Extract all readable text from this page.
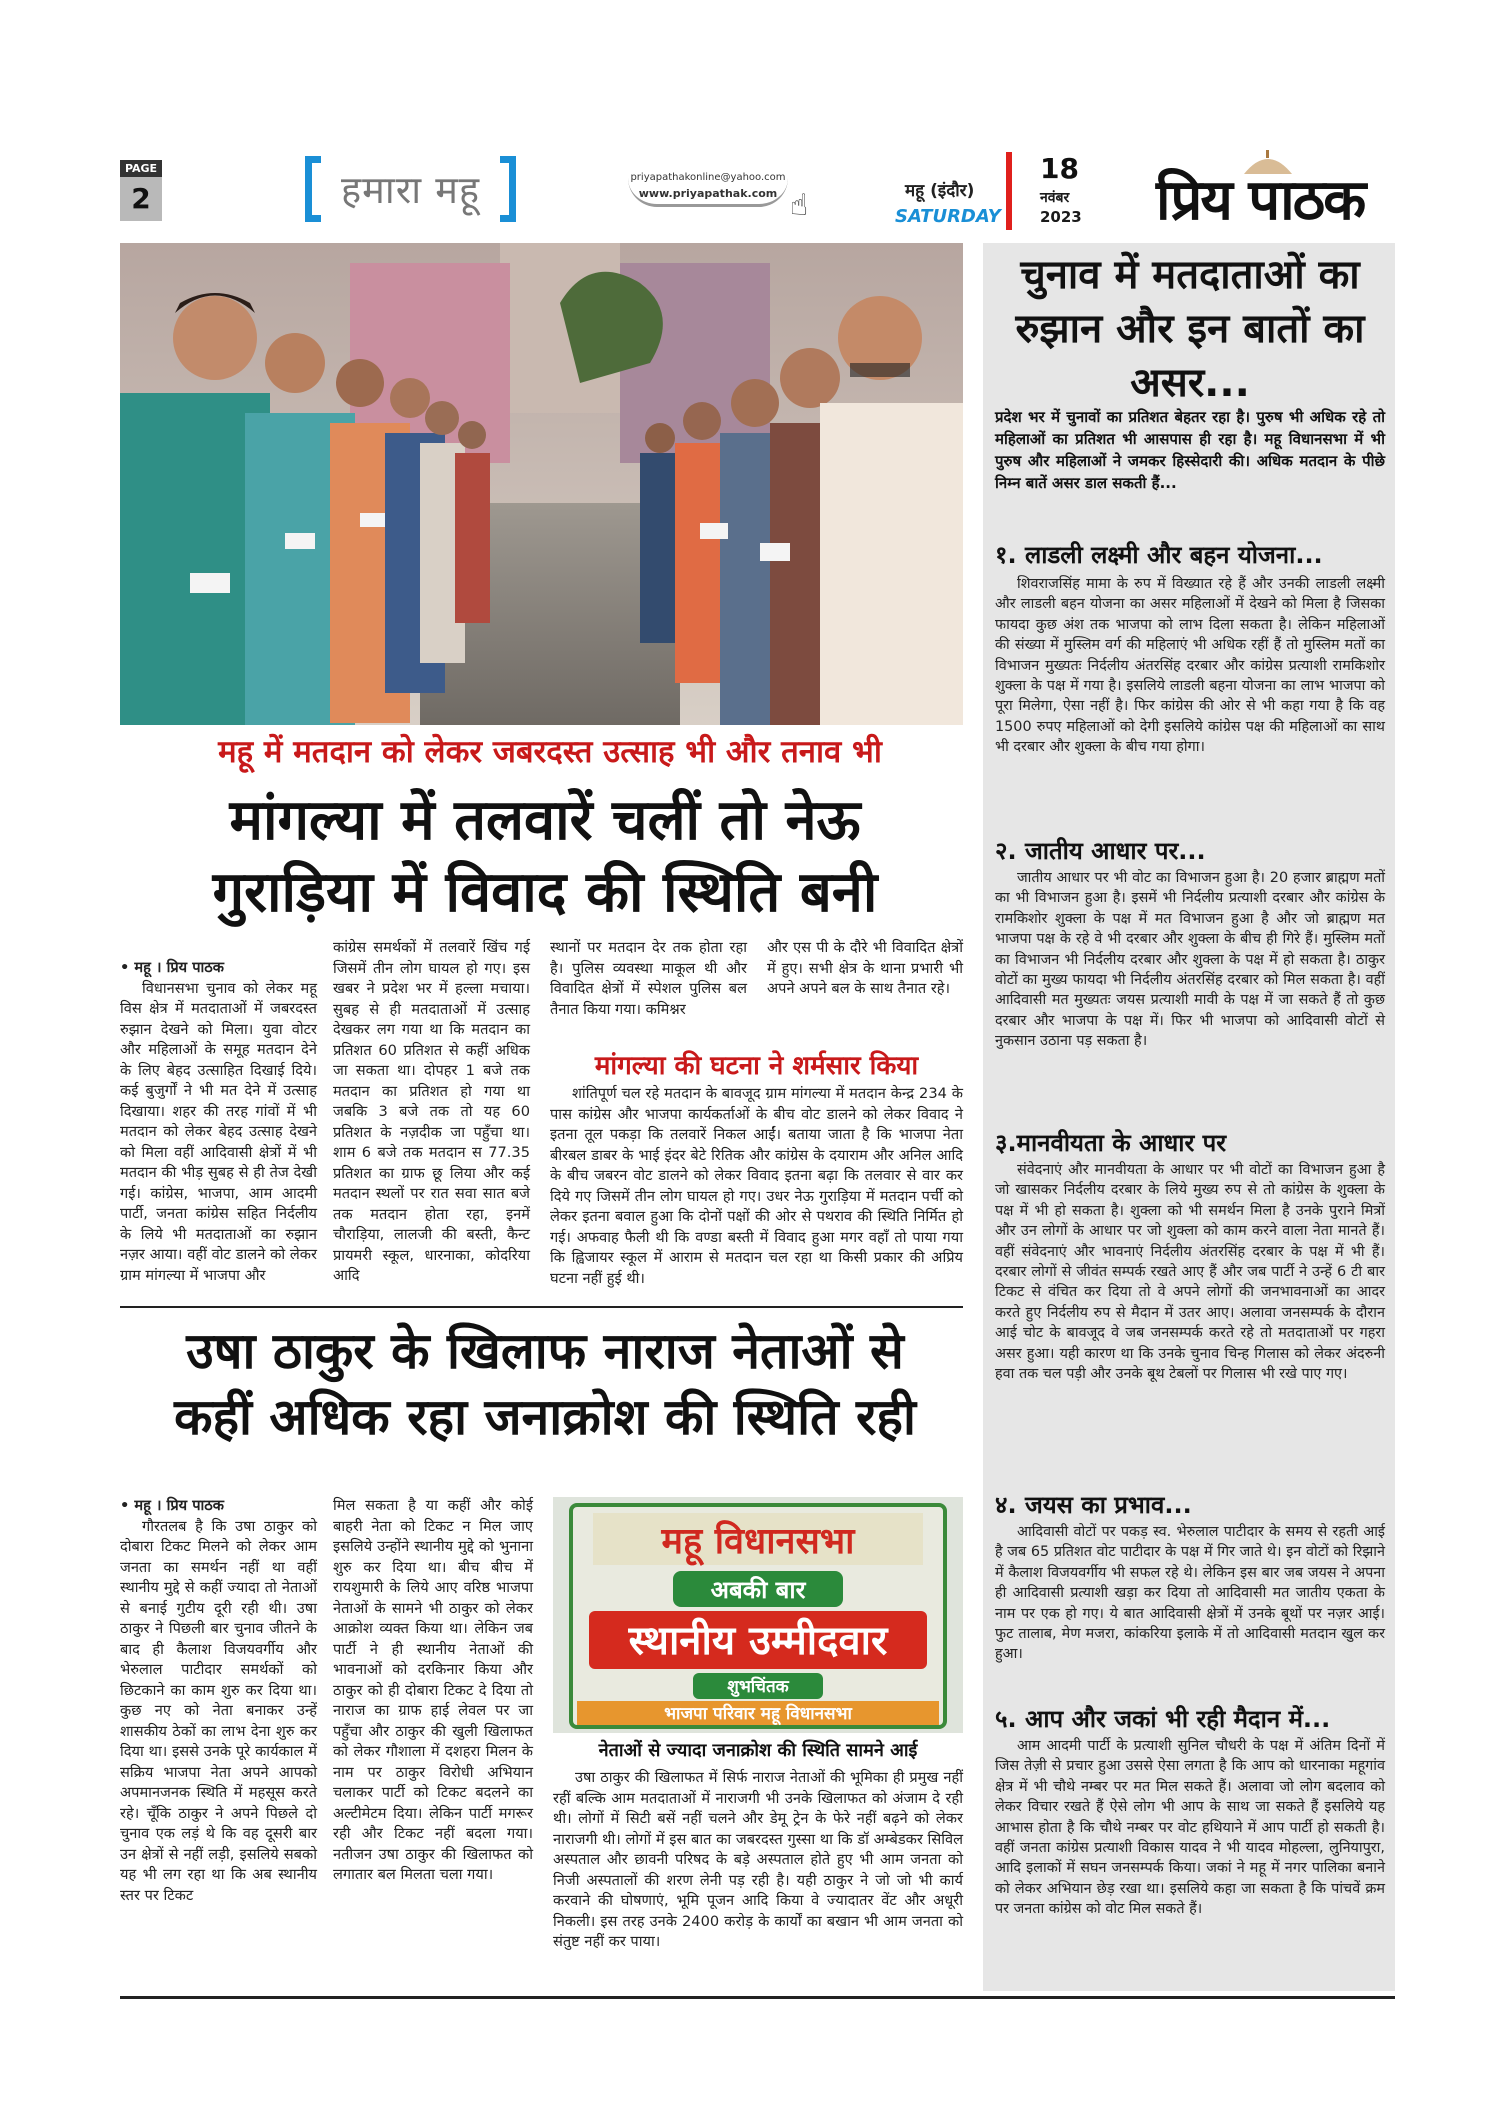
PAGE
2	हमारा महू	priyapathakonline@yahoo.com
www.priyapathak.com ☝	महू (इंदौर)
SATURDAY
18
नवंबर
2023 प्रिय पाठक
महू में मतदान को लेकर जबरदस्त उत्साह भी और तनाव भी
मांगल्या में तलवारें चलीं तो नेऊ
गुराड़िया में विवाद की स्थिति बनी

• महू । प्रिय पाठक

विधानसभा चुनाव को लेकर महू विस क्षेत्र में मतदाताओं में जबरदस्त रुझान देखने को मिला। युवा वोटर और महिलाओं के समूह मतदान देने के लिए बेहद उत्साहित दिखाई दिये। कई बुजुर्गों ने भी मत देने में उत्साह दिखाया। शहर की तरह गांवों में भी मतदान को लेकर बेहद उत्साह देखने को मिला वहीं आदिवासी क्षेत्रों में भी मतदान की भीड़ सुबह से ही तेज देखी गई। कांग्रेस, भाजपा, आम आदमी पार्टी, जनता कांग्रेस सहित निर्दलीय के लिये भी मतदाताओं का रुझान नज़र आया। वहीं वोट डालने को लेकर ग्राम मांगल्या में भाजपा और

कांग्रेस समर्थकों में तलवारें खिंच गई जिसमें तीन लोग घायल हो गए। इस खबर ने प्रदेश भर में हल्ला मचाया। सुबह से ही मतदाताओं में उत्साह देखकर लग गया था कि मतदान का प्रतिशत 60 प्रतिशत से कहीं अधिक जा सकता था। दोपहर 1 बजे तक मतदान का प्रतिशत हो गया था जबकि 3 बजे तक तो यह 60 प्रतिशत के नज़दीक जा पहुँचा था। शाम 6 बजे तक मतदान स 77.35 प्रतिशत का ग्राफ छू लिया और कई मतदान स्थलों पर रात सवा सात बजे तक मतदान होता रहा, इनमें चौराड़िया, लालजी की बस्ती, कैन्ट प्रायमरी स्कूल, धारनाका, कोदरिया आदि

स्थानों पर मतदान देर तक होता रहा है। पुलिस व्यवस्था माकूल थी और विवादित क्षेत्रों में स्पेशल पुलिस बल तैनात किया गया। कमिश्नर

और एस पी के दौरे भी विवादित क्षेत्रों में हुए। सभी क्षेत्र के थाना प्रभारी भी अपने अपने बल के साथ तैनात रहे।

मांगल्या की घटना ने शर्मसार किया

शांतिपूर्ण चल रहे मतदान के बावजूद ग्राम मांगल्या में मतदान केन्द्र 234 के पास कांग्रेस और भाजपा कार्यकर्ताओं के बीच वोट डालने को लेकर विवाद ने इतना तूल पकड़ा कि तलवारें निकल आईं। बताया जाता है कि भाजपा नेता बीरबल डाबर के भाई इंदर बेटे रितिक और कांग्रेस के दयाराम और अनिल आदि के बीच जबरन वोट डालने को लेकर विवाद इतना बढ़ा कि तलवार से वार कर दिये गए जिसमें तीन लोग घायल हो गए। उधर नेऊ गुराड़िया में मतदान पर्ची को लेकर इतना बवाल हुआ कि दोनों पक्षों की ओर से पथराव की स्थिति निर्मित हो गई। अफवाह फैली थी कि वण्डा बस्ती में विवाद हुआ मगर वहाँ तो पाया गया कि ह्विजायर स्कूल में आराम से मतदान चल रहा था किसी प्रकार की अप्रिय घटना नहीं हुई थी।

उषा ठाकुर के खिलाफ नाराज नेताओं से
कहीं अधिक रहा जनाक्रोश की स्थिति रही

• महू । प्रिय पाठक

गौरतलब है कि उषा ठाकुर को दोबारा टिकट मिलने को लेकर आम जनता का समर्थन नहीं था वहीं स्थानीय मुद्दे से कहीं ज्यादा तो नेताओं से बनाई गुटीय दूरी रही थी। उषा ठाकुर ने पिछली बार चुनाव जीतने के बाद ही कैलाश विजयवर्गीय और भेरुलाल पाटीदार समर्थकों को छिटकाने का काम शुरु कर दिया था। कुछ नए को नेता बनाकर उन्हें शासकीय ठेकों का लाभ देना शुरु कर दिया था। इससे उनके पूरे कार्यकाल में सक्रिय भाजपा नेता अपने आपको अपमानजनक स्थिति में महसूस करते रहे। चूँकि ठाकुर ने अपने पिछले दो चुनाव एक लड़ं थे कि वह दूसरी बार उन क्षेत्रों से नहीं लड़ी, इसलिये सबको यह भी लग रहा था कि अब स्थानीय स्तर पर टिकट

मिल सकता है या कहीं और कोई बाहरी नेता को टिकट न मिल जाए इसलिये उन्होंने स्थानीय मुद्दे को भुनाना शुरु कर दिया था। बीच बीच में रायशुमारी के लिये आए वरिष्ठ भाजपा नेताओं के सामने भी ठाकुर को लेकर आक्रोश व्यक्त किया था। लेकिन जब पार्टी ने ही स्थानीय नेताओं की भावनाओं को दरकिनार किया और ठाकुर को ही दोबारा टिकट दे दिया तो नाराज का ग्राफ हाई लेवल पर जा पहुँचा और ठाकुर की खुली खिलाफत को लेकर गौशाला में दशहरा मिलन के नाम पर ठाकुर विरोधी अभियान चलाकर पार्टी को टिकट बदलने का अल्टीमेटम दिया। लेकिन पार्टी मगरूर रही और टिकट नहीं बदला गया। नतीजन उषा ठाकुर की खिलाफत को लगातार बल मिलता चला गया।

महू विधानसभा
अबकी बार
स्थानीय उम्मीदवार
शुभचिंतक
भाजपा परिवार महू विधानसभा
नेताओं से ज्यादा जनाक्रोश की स्थिति सामने आई

उषा ठाकुर की खिलाफत में सिर्फ नाराज नेताओं की भूमिका ही प्रमुख नहीं रहीं बल्कि आम मतदाताओं में नाराजगी भी उनके खिलाफत को अंजाम दे रही थी। लोगों में सिटी बसें नहीं चलने और डेमू ट्रेन के फेरे नहीं बढ़ने को लेकर नाराजगी थी। लोगों में इस बात का जबरदस्त गुस्सा था कि डॉ अम्बेडकर सिविल अस्पताल और छावनी परिषद के बड़े अस्पताल होते हुए भी आम जनता को निजी अस्पतालों की शरण लेनी पड़ रही है। यही ठाकुर ने जो जो भी कार्य करवाने की घोषणाएं, भूमि पूजन आदि किया वे ज्यादातर वेंट और अधूरी निकली। इस तरह उनके 2400 करोड़ के कार्यों का बखान भी आम जनता को संतुष्ट नहीं कर पाया।

चुनाव में मतदाताओं का रुझान और इन बातों का असर...
प्रदेश भर में चुनावों का प्रतिशत बेहतर रहा है। पुरुष भी अधिक रहे तो महिलाओं का प्रतिशत भी आसपास ही रहा है। महू विधानसभा में भी पुरुष और महिलाओं ने जमकर हिस्सेदारी की। अधिक मतदान के पीछे निम्न बातें असर डाल सकती हैं...
१. लाडली लक्ष्मी और बहन योजना...

शिवराजसिंह मामा के रुप में विख्यात रहे हैं और उनकी लाडली लक्ष्मी और लाडली बहन योजना का असर महिलाओं में देखने को मिला है जिसका फायदा कुछ अंश तक भाजपा को लाभ दिला सकता है। लेकिन महिलाओं की संख्या में मुस्लिम वर्ग की महिलाएं भी अधिक रहीं हैं तो मुस्लिम मतों का विभाजन मुख्यतः निर्दलीय अंतरसिंह दरबार और कांग्रेस प्रत्याशी रामकिशोर शुक्ला के पक्ष में गया है। इसलिये लाडली बहना योजना का लाभ भाजपा को पूरा मिलेगा, ऐसा नहीं है। फिर कांग्रेस की ओर से भी कहा गया है कि वह 1500 रुपए महिलाओं को देगी इसलिये कांग्रेस पक्ष की महिलाओं का साथ भी दरबार और शुक्ला के बीच गया होगा।

२. जातीय आधार पर...

जातीय आधार पर भी वोट का विभाजन हुआ है। 20 हजार ब्राह्मण मतों का भी विभाजन हुआ है। इसमें भी निर्दलीय प्रत्याशी दरबार और कांग्रेस के रामकिशोर शुक्ला के पक्ष में मत विभाजन हुआ है और जो ब्राह्मण मत भाजपा पक्ष के रहे वे भी दरबार और शुक्ला के बीच ही गिरे हैं। मुस्लिम मतों का विभाजन भी निर्दलीय दरबार और शुक्ला के पक्ष में हो सकता है। ठाकुर वोटों का मुख्य फायदा भी निर्दलीय अंतरसिंह दरबार को मिल सकता है। वहीं आदिवासी मत मुख्यतः जयस प्रत्याशी मावी के पक्ष में जा सकते हैं तो कुछ दरबार और भाजपा के पक्ष में। फिर भी भाजपा को आदिवासी वोटों से नुकसान उठाना पड़ सकता है।

३.मानवीयता के आधार पर

संवेदनाएं और मानवीयता के आधार पर भी वोटों का विभाजन हुआ है जो खासकर निर्दलीय दरबार के लिये मुख्य रुप से तो कांग्रेस के शुक्ला के पक्ष में भी हो सकता है। शुक्ला को भी समर्थन मिला है उनके पुराने मित्रों और उन लोगों के आधार पर जो शुक्ला को काम करने वाला नेता मानते हैं। वहीं संवेदनाएं और भावनाएं निर्दलीय अंतरसिंह दरबार के पक्ष में भी हैं। दरबार लोगों से जीवंत सम्पर्क रखते आए हैं और जब पार्टी ने उन्हें 6 टी बार टिकट से वंचित कर दिया तो वे अपने लोगों की जनभावनाओं का आदर करते हुए निर्दलीय रुप से मैदान में उतर आए। अलावा जनसम्पर्क के दौरान आई चोट के बावजूद वे जब जनसम्पर्क करते रहे तो मतदाताओं पर गहरा असर हुआ। यही कारण था कि उनके चुनाव चिन्ह गिलास को लेकर अंदरुनी हवा तक चल पड़ी और उनके बूथ टेबलों पर गिलास भी रखे पाए गए।

४. जयस का प्रभाव...

आदिवासी वोटों पर पकड़ स्व. भेरुलाल पाटीदार के समय से रहती आई है जब 65 प्रतिशत वोट पाटीदार के पक्ष में गिर जाते थे। इन वोटों को रिझाने में कैलाश विजयवर्गीय भी सफल रहे थे। लेकिन इस बार जब जयस ने अपना ही आदिवासी प्रत्याशी खड़ा कर दिया तो आदिवासी मत जातीय एकता के नाम पर एक हो गए। ये बात आदिवासी क्षेत्रों में उनके बूथों पर नज़र आई। फुट तालाब, मेण मजरा, कांकरिया इलाके में तो आदिवासी मतदान खुल कर हुआ।

५. आप और जकां भी रही मैदान में...

आम आदमी पार्टी के प्रत्याशी सुनिल चौधरी के पक्ष में अंतिम दिनों में जिस तेज़ी से प्रचार हुआ उससे ऐसा लगता है कि आप को धारनाका महूगांव क्षेत्र में भी चौथे नम्बर पर मत मिल सकते हैं। अलावा जो लोग बदलाव को लेकर विचार रखते हैं ऐसे लोग भी आप के साथ जा सकते हैं इसलिये यह आभास होता है कि चौथे नम्बर पर वोट हथियाने में आप पार्टी हो सकती है। वहीं जनता कांग्रेस प्रत्याशी विकास यादव ने भी यादव मोहल्ला, लुनियापुरा, आदि इलाकों में सघन जनसम्पर्क किया। जकां ने महू में नगर पालिका बनाने को लेकर अभियान छेड़ रखा था। इसलिये कहा जा सकता है कि पांचवें क्रम पर जनता कांग्रेस को वोट मिल सकते हैं।
